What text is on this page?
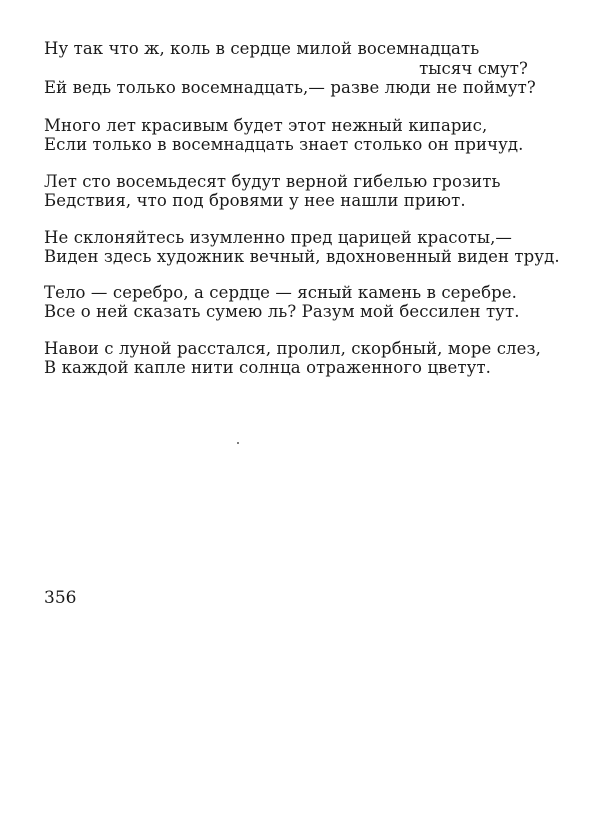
Ну так что ж, коль в сердце милой восемнадцать
тысяч смут?
Ей ведь только восемнадцать,— разве люди не поймут?
Много лет красивым будет этот нежный кипарис,
Если только в восемнадцать знает столько он причуд.
Лет сто восемьдесят будут верной гибелью грозить
Бедствия, что под бровями у нее нашли приют.
Не склоняйтесь изумленно пред царицей красоты,—
Виден здесь художник вечный, вдохновенный виден труд.
Тело — серебро, а сердце — ясный камень в серебре.
Все о ней сказать сумею ль? Разум мой бессилен тут.
Навои с луной расстался, пролил, скорбный, море слез,
В каждой капле нити солнца отраженного цветут.
356
